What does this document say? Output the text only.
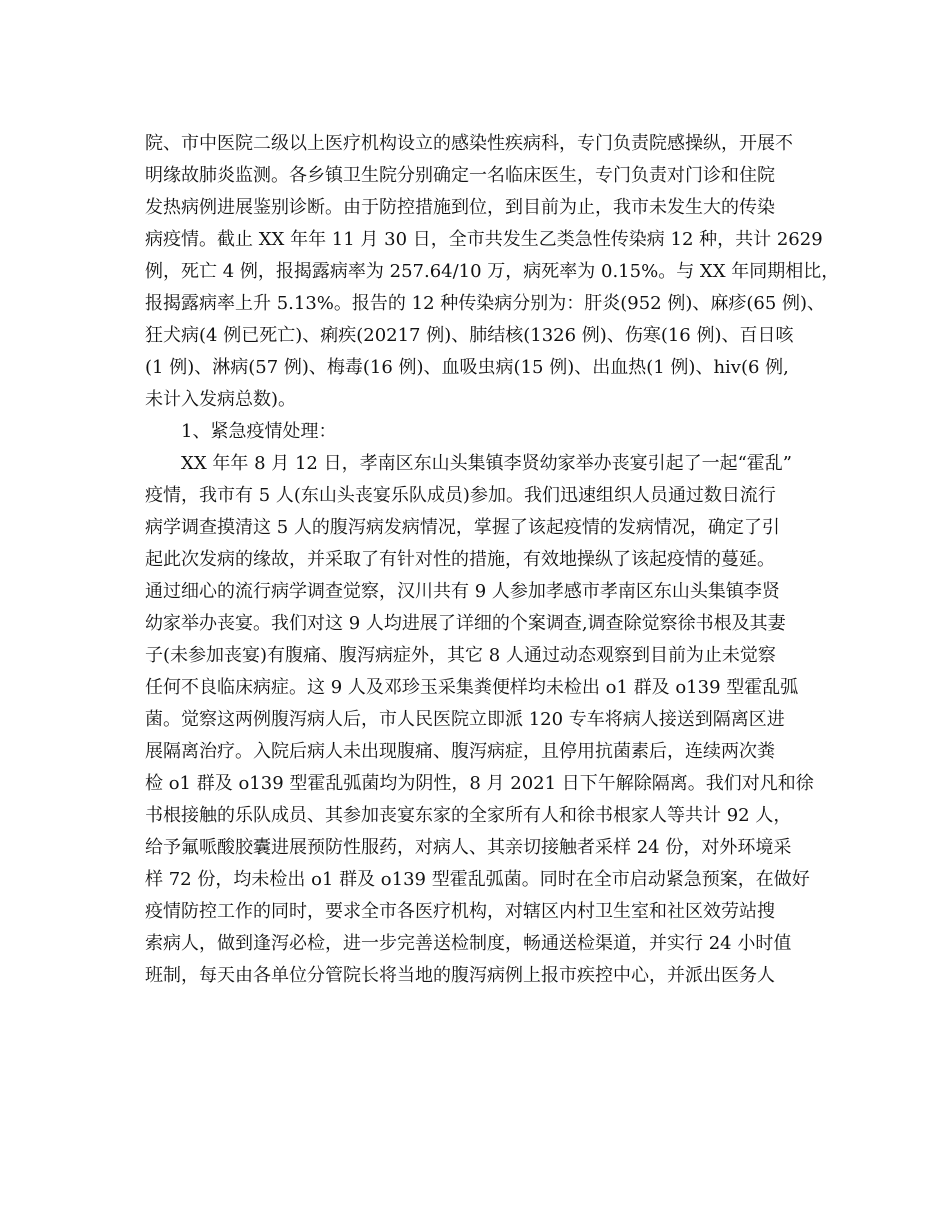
院、市中医院二级以上医疗机构设立的感染性疾病科，专门负责院感操纵，开展不
明缘故肺炎监测。各乡镇卫生院分别确定一名临床医生，专门负责对门诊和住院
发热病例进展鉴别诊断。由于防控措施到位，到目前为止，我市未发生大的传染
病疫情。截止 XX 年年 11 月 30 日，全市共发生乙类急性传染病 12 种，共计 2629
例，死亡 4 例，报揭露病率为 257.64/10 万，病死率为 0.15%。与 XX 年同期相比，
报揭露病率上升 5.13%。报告的 12 种传染病分别为：肝炎(952 例)、麻疹(65 例)、
狂犬病(4 例已死亡)、痢疾(20217 例)、肺结核(1326 例)、伤寒(16 例)、百日咳
(1 例)、淋病(57 例)、梅毒(16 例)、血吸虫病(15 例)、出血热(1 例)、hiv(6 例,
未计入发病总数)。
1、紧急疫情处理：
XX 年年 8 月 12 日，孝南区东山头集镇李贤幼家举办丧宴引起了一起“霍乱”
疫情，我市有 5 人(东山头丧宴乐队成员)参加。我们迅速组织人员通过数日流行
病学调查摸清这 5 人的腹泻病发病情况，掌握了该起疫情的发病情况，确定了引
起此次发病的缘故，并采取了有针对性的措施，有效地操纵了该起疫情的蔓延。
通过细心的流行病学调查觉察，汉川共有 9 人参加孝感市孝南区东山头集镇李贤
幼家举办丧宴。我们对这 9 人均进展了详细的个案调查,调查除觉察徐书根及其妻
子(未参加丧宴)有腹痛、腹泻病症外，其它 8 人通过动态观察到目前为止未觉察
任何不良临床病症。这 9 人及邓珍玉采集粪便样均未检出 o1 群及 o139 型霍乱弧
菌。觉察这两例腹泻病人后，市人民医院立即派 120 专车将病人接送到隔离区进
展隔离治疗。入院后病人未出现腹痛、腹泻病症，且停用抗菌素后，连续两次粪
检 o1 群及 o139 型霍乱弧菌均为阴性，8 月 2021 日下午解除隔离。我们对凡和徐
书根接触的乐队成员、其参加丧宴东家的全家所有人和徐书根家人等共计 92 人，
给予氟哌酸胶囊进展预防性服药，对病人、其亲切接触者采样 24 份，对外环境采
样 72 份，均未检出 o1 群及 o139 型霍乱弧菌。同时在全市启动紧急预案，在做好
疫情防控工作的同时，要求全市各医疗机构，对辖区内村卫生室和社区效劳站搜
索病人，做到逢泻必检，进一步完善送检制度，畅通送检渠道，并实行 24 小时值
班制，每天由各单位分管院长将当地的腹泻病例上报市疾控中心，并派出医务人
